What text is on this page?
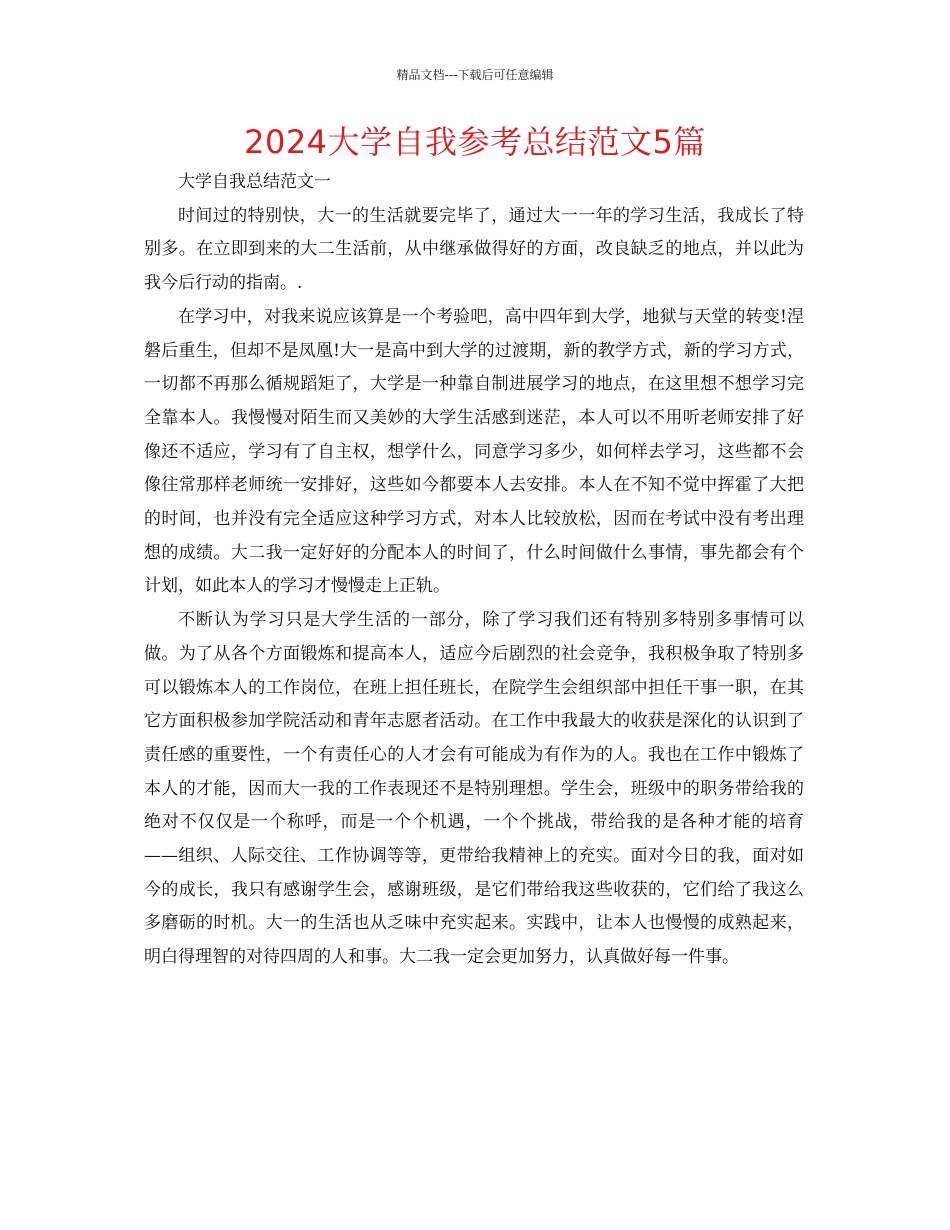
精品文档---下载后可任意编辑
2024大学自我参考总结范文5篇

大学自我总结范文一

时间过的特别快，大一的生活就要完毕了，通过大一一年的学习生活，我成长了特别多。在立即到来的大二生活前，从中继承做得好的方面，改良缺乏的地点，并以此为我今后行动的指南。.

在学习中，对我来说应该算是一个考验吧，高中四年到大学，地狱与天堂的转变!涅磐后重生，但却不是凤凰!大一是高中到大学的过渡期，新的教学方式，新的学习方式，一切都不再那么循规蹈矩了，大学是一种靠自制进展学习的地点，在这里想不想学习完全靠本人。我慢慢对陌生而又美妙的大学生活感到迷茫，本人可以不用听老师安排了好像还不适应，学习有了自主权，想学什么，同意学习多少，如何样去学习，这些都不会像往常那样老师统一安排好，这些如今都要本人去安排。本人在不知不觉中挥霍了大把的时间，也并没有完全适应这种学习方式，对本人比较放松，因而在考试中没有考出理想的成绩。大二我一定好好的分配本人的时间了，什么时间做什么事情，事先都会有个计划，如此本人的学习才慢慢走上正轨。

不断认为学习只是大学生活的一部分，除了学习我们还有特别多特别多事情可以做。为了从各个方面锻炼和提高本人，适应今后剧烈的社会竞争，我积极争取了特别多可以锻炼本人的工作岗位，在班上担任班长，在院学生会组织部中担任干事一职，在其它方面积极参加学院活动和青年志愿者活动。在工作中我最大的收获是深化的认识到了责任感的重要性，一个有责任心的人才会有可能成为有作为的人。我也在工作中锻炼了本人的才能，因而大一我的工作表现还不是特别理想。学生会，班级中的职务带给我的绝对不仅仅是一个称呼，而是一个个机遇，一个个挑战，带给我的是各种才能的培育——组织、人际交往、工作协调等等，更带给我精神上的充实。面对今日的我，面对如今的成长，我只有感谢学生会，感谢班级，是它们带给我这些收获的，它们给了我这么多磨砺的时机。大一的生活也从乏味中充实起来。实践中，让本人也慢慢的成熟起来，明白得理智的对待四周的人和事。大二我一定会更加努力，认真做好每一件事。
